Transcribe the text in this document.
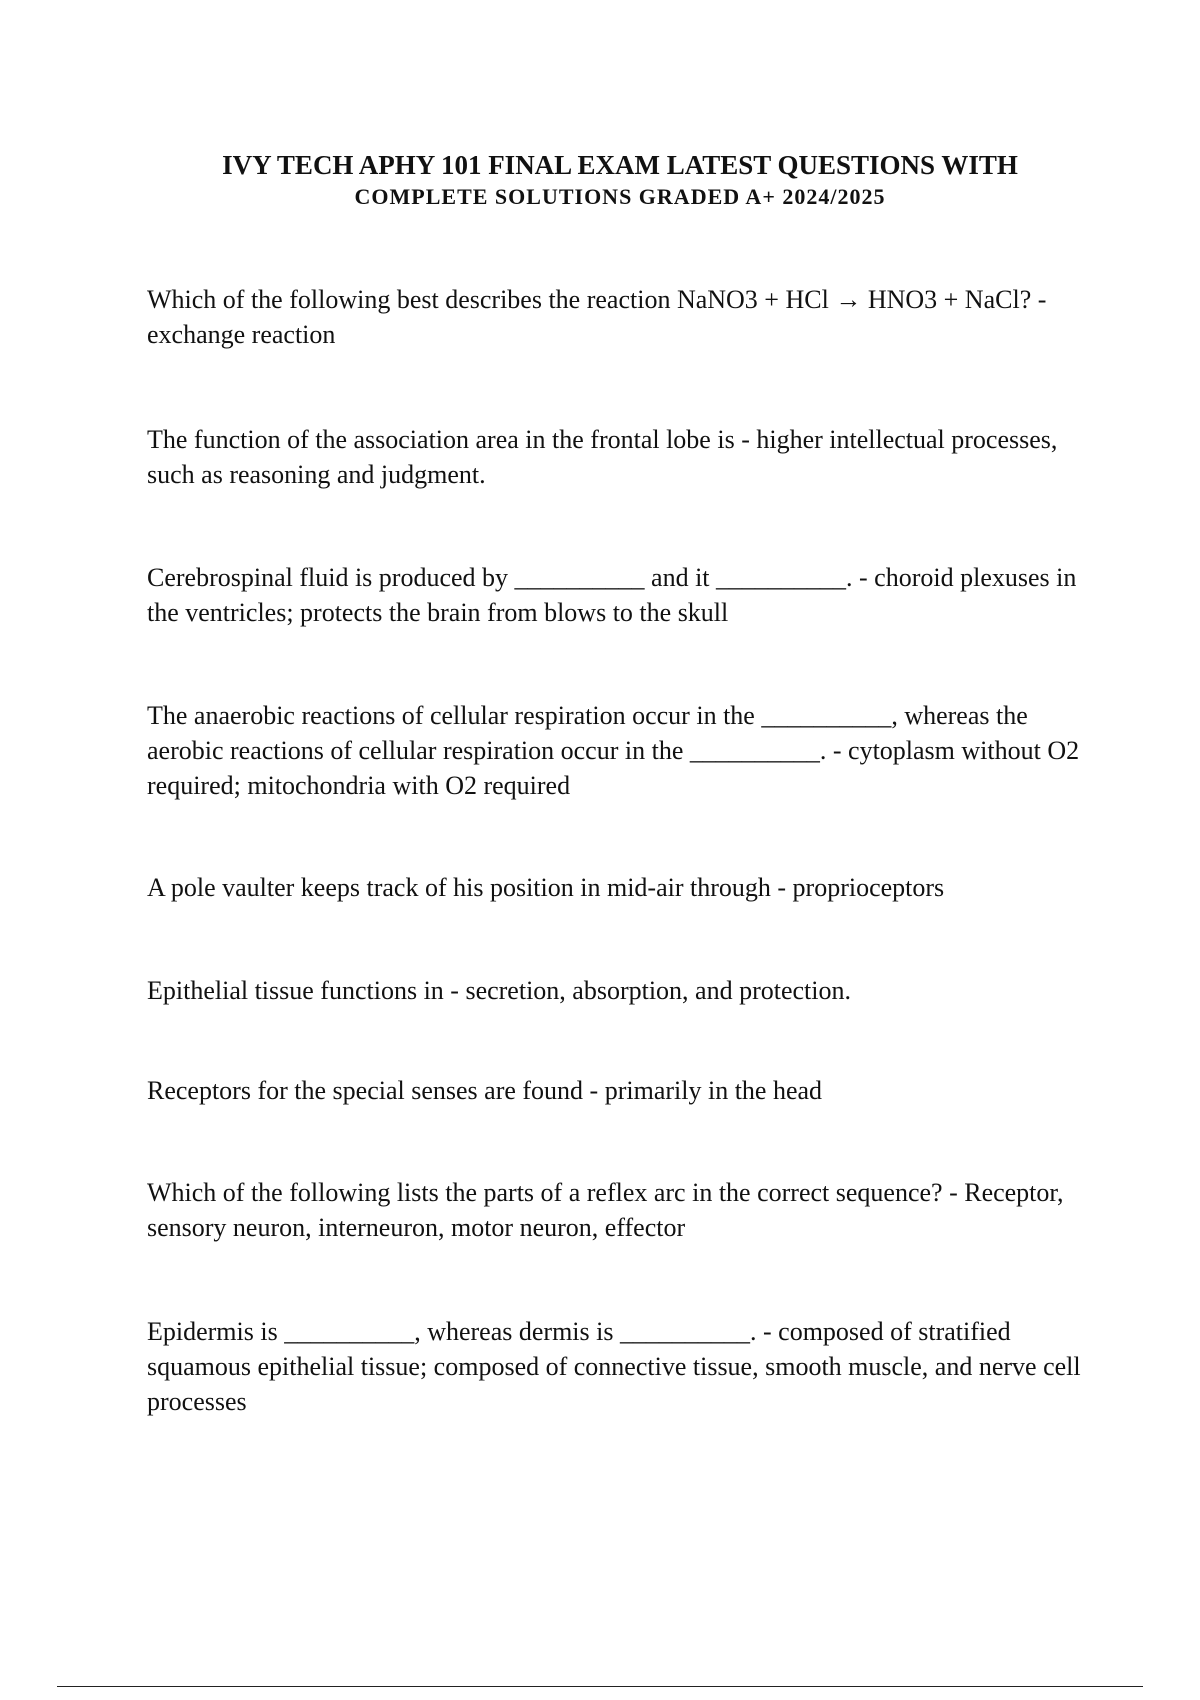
IVY TECH APHY 101 FINAL EXAM LATEST QUESTIONS WITH
COMPLETE SOLUTIONS GRADED A+ 2024/2025

Which of the following best describes the reaction NaNO3 + HCl → HNO3 + NaCl? - exchange reaction

The function of the association area in the frontal lobe is - higher intellectual processes, such as reasoning and judgment.

Cerebrospinal fluid is produced by __________ and it __________. - choroid plexuses in the ventricles; protects the brain from blows to the skull

The anaerobic reactions of cellular respiration occur in the __________, whereas the aerobic reactions of cellular respiration occur in the __________. - cytoplasm without O2 required; mitochondria with O2 required

A pole vaulter keeps track of his position in mid-air through - proprioceptors

Epithelial tissue functions in - secretion, absorption, and protection.

Receptors for the special senses are found - primarily in the head

Which of the following lists the parts of a reflex arc in the correct sequence? - Receptor, sensory neuron, interneuron, motor neuron, effector

Epidermis is __________, whereas dermis is __________. - composed of stratified squamous epithelial tissue; composed of connective tissue, smooth muscle, and nerve cell processes
